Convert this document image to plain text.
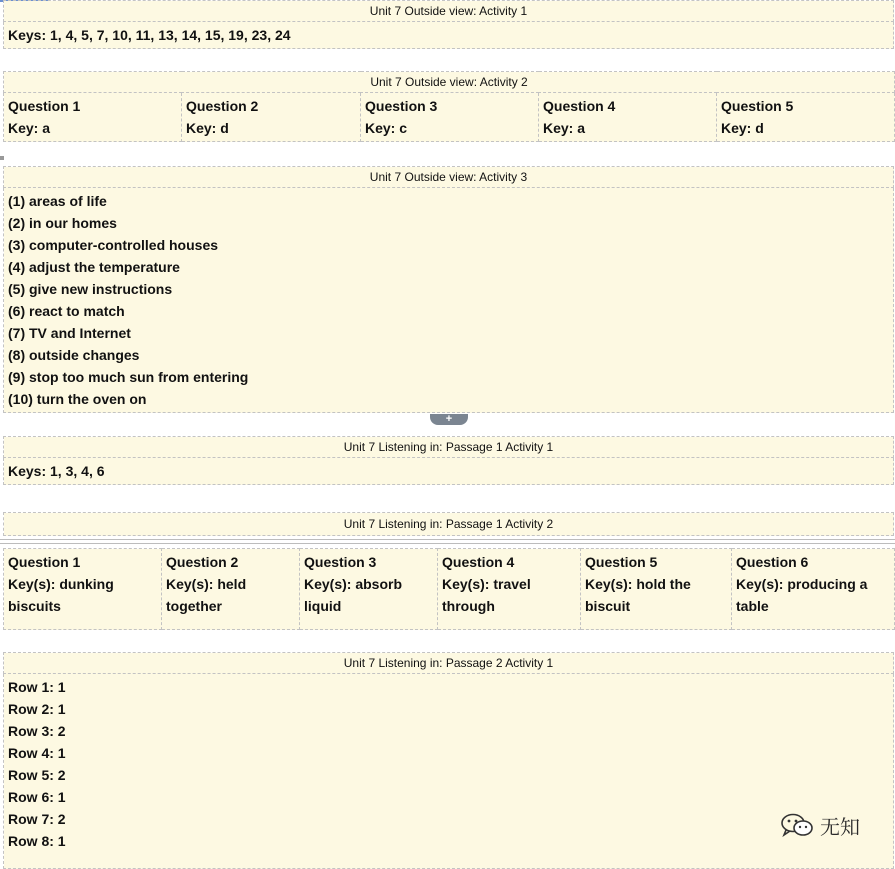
Unit 7 Outside view: Activity 1
Keys: 1, 4, 5, 7, 10, 11, 13, 14, 15, 19, 23, 24
Unit 7 Outside view: Activity 2

Question 1
Key: a

Question 2
Key: d

Question 3
Key: c

Question 4
Key: a

Question 5
Key: d
Unit 7 Outside view: Activity 3

(1) areas of life
(2) in our homes
(3) computer-controlled houses
(4) adjust the temperature
(5) give new instructions
(6) react to match
(7) TV and Internet
(8) outside changes
(9) stop too much sun from entering
(10) turn the oven on
+
Unit 7 Listening in: Passage 1 Activity 1
Keys: 1, 3, 4, 6
Unit 7 Listening in: Passage 1 Activity 2
Question 1
Key(s): dunking biscuits	
Question 2
Key(s): held together	
Question 3
Key(s): absorb liquid	
Question 4
Key(s): travel through	
Question 5
Key(s): hold the biscuit	
Question 6
Key(s): producing a table
Unit 7 Listening in: Passage 2 Activity 1

Row 1: 1
Row 2: 1
Row 3: 2
Row 4: 1
Row 5: 2
Row 6: 1
Row 7: 2
Row 8: 1
无知
